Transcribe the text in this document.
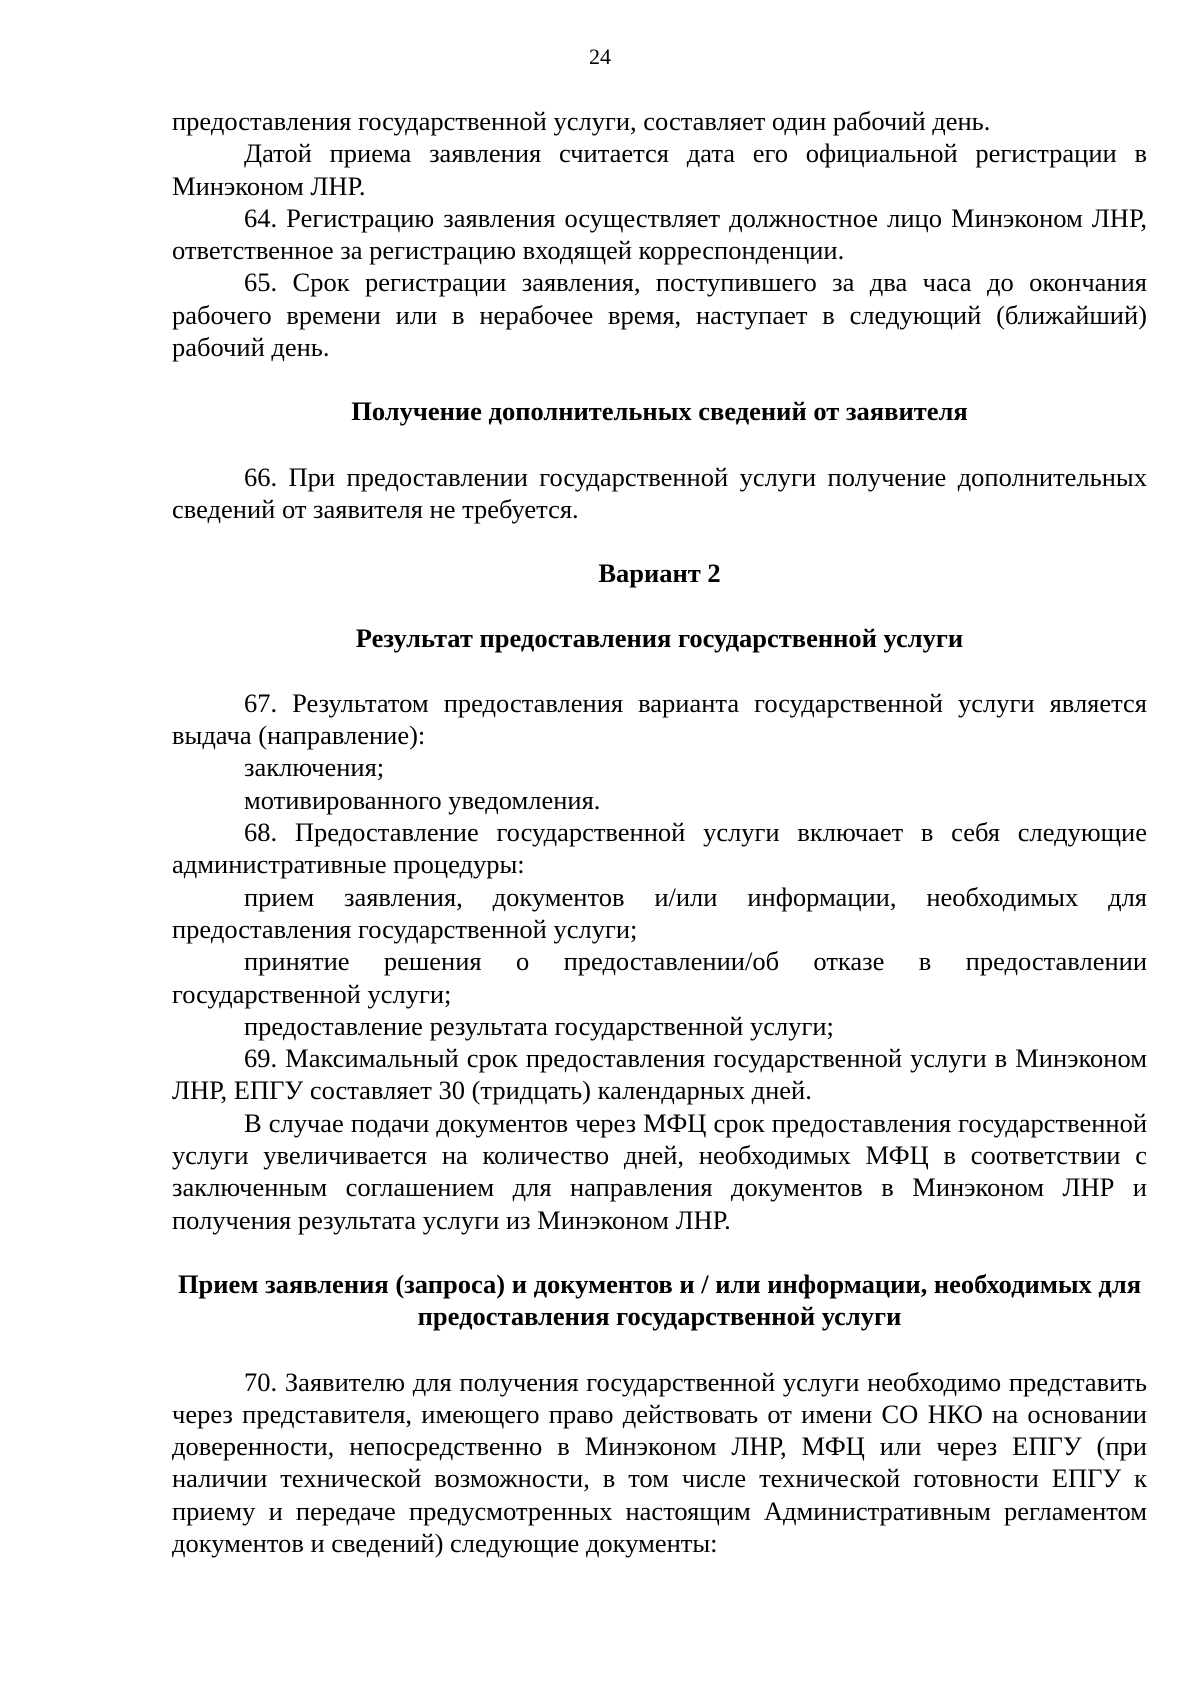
24

предоставления государственной услуги, составляет один рабочий день.

Датой приема заявления считается дата его официальной регистрации в Минэконом ЛНР.

64. Регистрацию заявления осуществляет должностное лицо Минэконом ЛНР, ответственное за регистрацию входящей корреспонденции.

65. Срок регистрации заявления, поступившего за два часа до окончания рабочего времени или в нерабочее время, наступает в следующий (ближайший) рабочий день.

Получение дополнительных сведений от заявителя

66. При предоставлении государственной услуги получение дополнительных сведений от заявителя не требуется.

Вариант 2
Результат предоставления государственной услуги

67. Результатом предоставления варианта государственной услуги является выдача (направление):

заключения;

мотивированного уведомления.

68. Предоставление государственной услуги включает в себя следующие административные процедуры:

прием заявления, документов и/или информации, необходимых для предоставления государственной услуги;

принятие решения о предоставлении/об отказе в предоставлении государственной услуги;

предоставление результата государственной услуги;

69. Максимальный срок предоставления государственной услуги в Минэконом ЛНР, ЕПГУ составляет 30 (тридцать) календарных дней.

В случае подачи документов через МФЦ срок предоставления государственной услуги увеличивается на количество дней, необходимых МФЦ в соответствии с заключенным соглашением для направления документов в Минэконом ЛНР и получения результата услуги из Минэконом ЛНР.

Прием заявления (запроса) и документов и / или информации, необходимых для предоставления государственной услуги

70. Заявителю для получения государственной услуги необходимо представить через представителя, имеющего право действовать от имени СО НКО на основании доверенности, непосредственно в Минэконом ЛНР, МФЦ или через ЕПГУ (при наличии технической возможности, в том числе технической готовности ЕПГУ к приему и передаче предусмотренных настоящим Административным регламентом документов и сведений) следующие документы:
